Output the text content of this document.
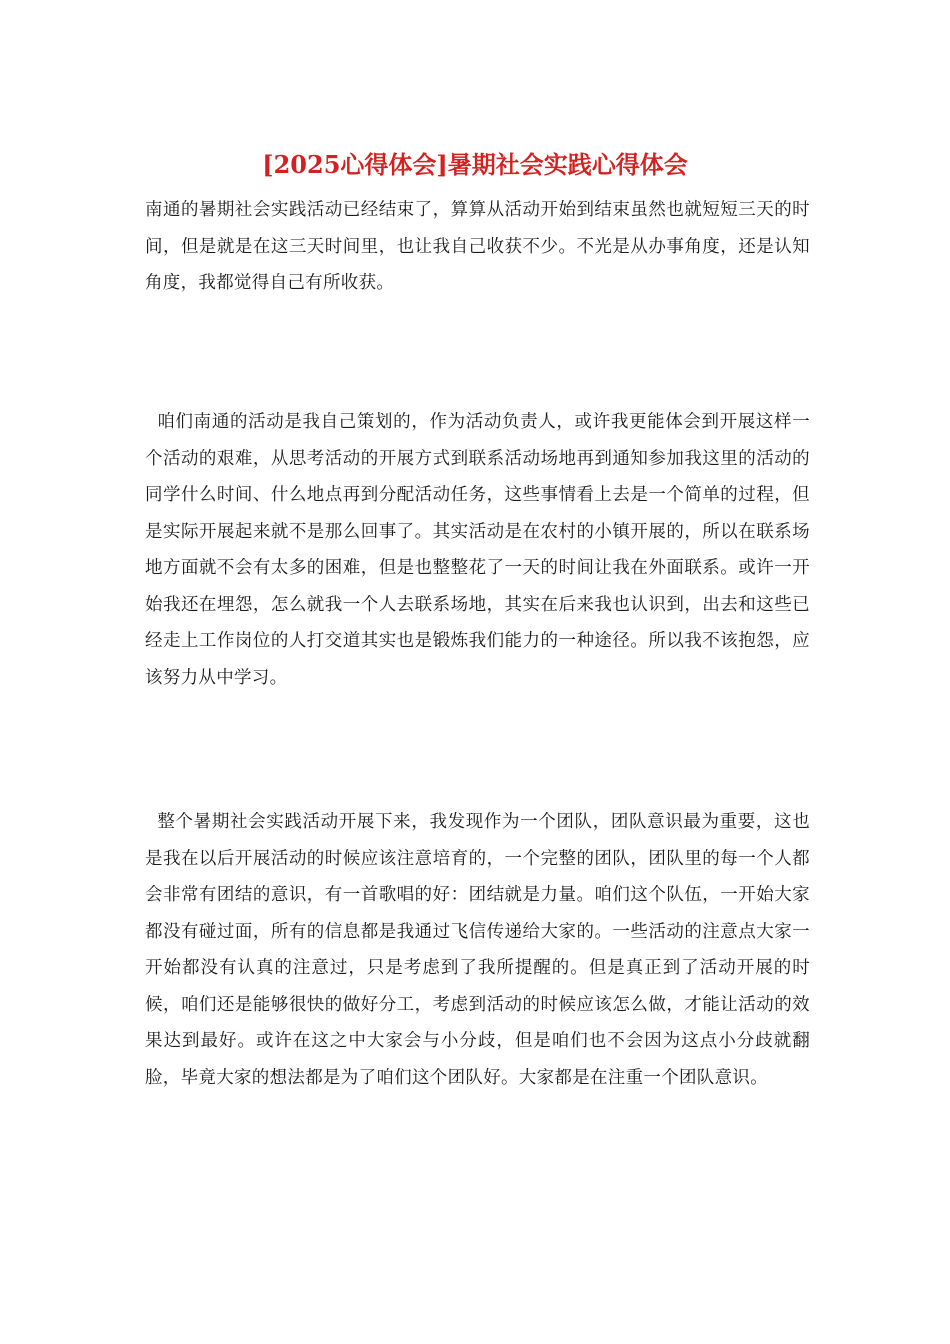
[2025心得体会]暑期社会实践心得体会

南通的暑期社会实践活动已经结束了，算算从活动开始到结束虽然也就短短三天的时间，但是就是在这三天时间里，也让我自己收获不少。不光是从办事角度，还是认知角度，我都觉得自己有所收获。

咱们南通的活动是我自己策划的，作为活动负责人，或许我更能体会到开展这样一个活动的艰难，从思考活动的开展方式到联系活动场地再到通知参加我这里的活动的同学什么时间、什么地点再到分配活动任务，这些事情看上去是一个简单的过程，但是实际开展起来就不是那么回事了。其实活动是在农村的小镇开展的，所以在联系场地方面就不会有太多的困难，但是也整整花了一天的时间让我在外面联系。或许一开始我还在埋怨，怎么就我一个人去联系场地，其实在后来我也认识到，出去和这些已经走上工作岗位的人打交道其实也是锻炼我们能力的一种途径。所以我不该抱怨，应该努力从中学习。

整个暑期社会实践活动开展下来，我发现作为一个团队，团队意识最为重要，这也是我在以后开展活动的时候应该注意培育的，一个完整的团队，团队里的每一个人都会非常有团结的意识，有一首歌唱的好：团结就是力量。咱们这个队伍，一开始大家都没有碰过面，所有的信息都是我通过飞信传递给大家的。一些活动的注意点大家一开始都没有认真的注意过，只是考虑到了我所提醒的。但是真正到了活动开展的时候，咱们还是能够很快的做好分工，考虑到活动的时候应该怎么做，才能让活动的效果达到最好。或许在这之中大家会与小分歧，但是咱们也不会因为这点小分歧就翻脸，毕竟大家的想法都是为了咱们这个团队好。大家都是在注重一个团队意识。
